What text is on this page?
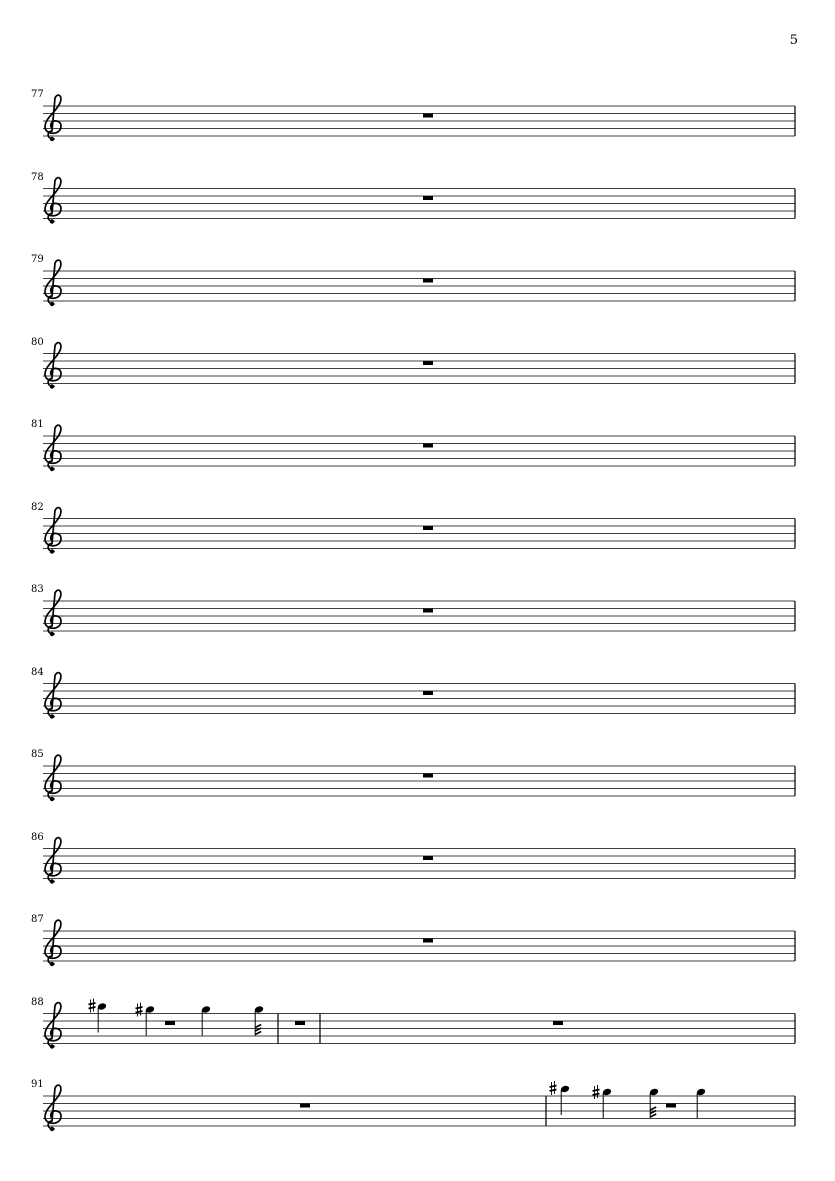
5
77
78
79
80
81
82
83
84
85
86
87
88
91
